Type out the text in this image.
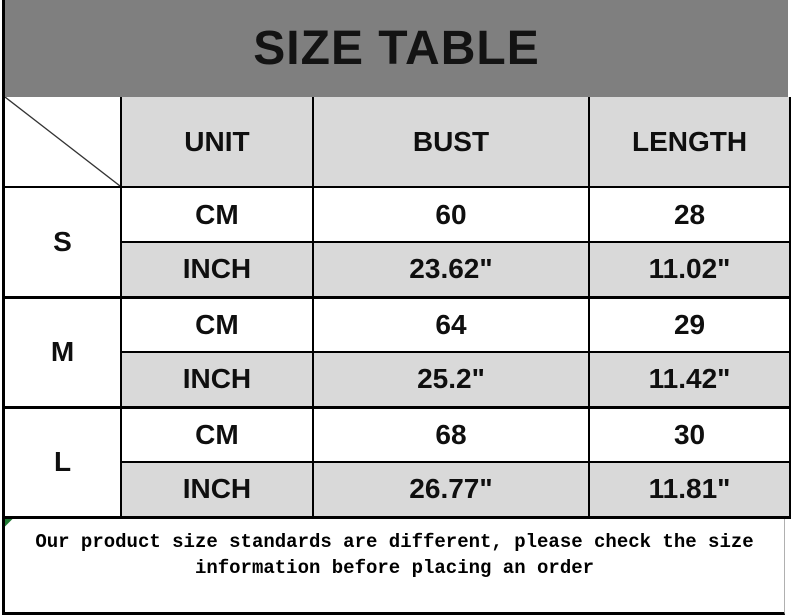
SIZE TABLE
	UNIT	BUST	LENGTH
S	CM	60	28
	INCH	23.62"	11.02"
M	CM	64	29
	INCH	25.2"	11.42"
L	CM	68	30
	INCH	26.77"	11.81"
Our product size standards are different, please check the size
information before placing an order
